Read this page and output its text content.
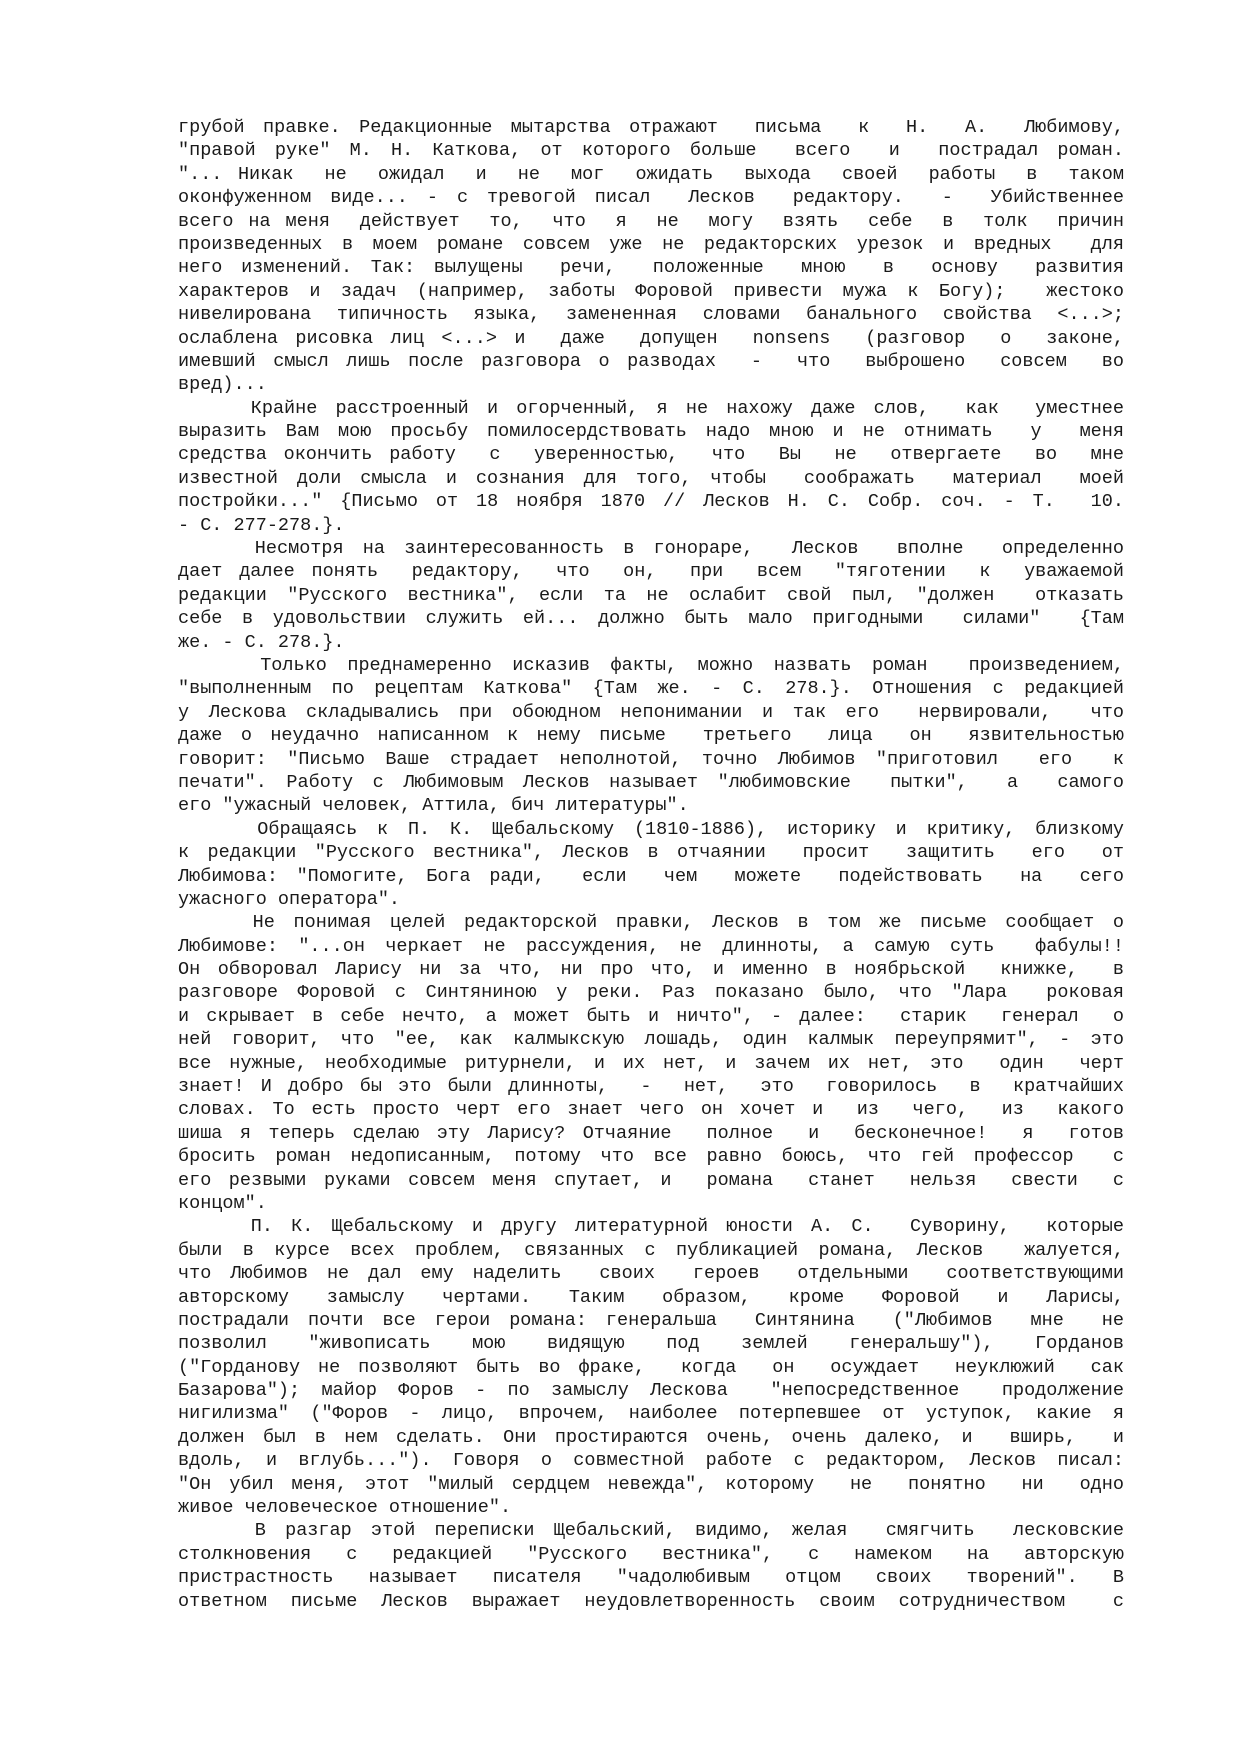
грубой правке. Редакционные мытарства отражают  письма  к  Н.  А.  Любимову,
"правой руке" М. Н. Каткова, от которого больше  всего  и  пострадал роман.
"... Никак  не  ожидал  и  не  мог  ожидать  выхода  своей  работы  в  таком
оконфуженном виде... - с тревогой писал  Лесков  редактору.  -  Убийственнее
всего на меня  действует  то,  что  я  не  могу  взять  себе  в  толк  причин
произведенных в моем романе совсем уже не редакторских урезок и вредных  для
него изменений. Так: вылущены  речи,  положенные  мною  в  основу  развития
характеров и задач (например, заботы Форовой привести мужа к Богу);  жестоко
нивелирована типичность языка, замененная словами банального свойства <...>;
ослаблена рисовка лиц <...> и  даже  допущен  nonsens  (разговор  о  законе,
имевший смысл лишь после разговора о разводах  -  что  выброшено  совсем  во
вред)...
Крайне расстроенный и огорченный, я не нахожу даже слов,  как  уместнее
выразить Вам мою просьбу помилосердствовать надо мною и не отнимать  у  меня
средства окончить работу  с  уверенностью,  что  Вы  не  отвергаете  во  мне
известной доли смысла и сознания для того, чтобы  соображать  материал  моей
постройки..." {Письмо от 18 ноября 1870 // Лесков Н. С. Собр. соч. - Т.  10.
- С. 277-278.}.
Несмотря на заинтересованность в гонораре,  Лесков  вполне  определенно
дает далее понять  редактору,  что  он,  при  всем  "тяготении  к  уважаемой
редакции "Русского вестника", если та не ослабит свой пыл, "должен  отказать
себе в удовольствии служить ей... должно быть мало пригодными  силами"  {Там
же. - С. 278.}.
Только преднамеренно исказив факты, можно назвать роман  произведением,
"выполненным по рецептам Каткова" {Там же. - С. 278.}. Отношения с редакцией
у Лескова складывались при обоюдном непонимании и так его  нервировали,  что
даже о неудачно написанном к нему письме  третьего  лица  он  язвительностью
говорит: "Письмо Ваше страдает неполнотой, точно Любимов "приготовил  его  к
печати". Работу с Любимовым Лесков называет "любимовские  пытки",  а  самого
его "ужасный человек, Аттила, бич литературы".
Обращаясь к П. К. Щебальскому (1810-1886), историку и критику, близкому
к редакции "Русского вестника", Лесков в отчаянии  просит  защитить  его  от
Любимова: "Помогите, Бога ради,  если  чем  можете  подействовать  на  сего
ужасного оператора".
Не понимая целей редакторской правки, Лесков в том же письме сообщает о
Любимове: "...он черкает не рассуждения, не длинноты, а самую суть  фабулы!!
Он обворовал Ларису ни за что, ни про что, и именно в ноябрьской  книжке,  в
разговоре Форовой с Синтяниною у реки. Раз показано было, что "Лара  роковая
и скрывает в себе нечто, а может быть и ничто", - далее:  старик  генерал  о
ней говорит, что "ее, как калмыкскую лошадь, один калмык переупрямит", - это
все нужные, необходимые ритурнели, и их нет, и зачем их нет, это  один  черт
знает! И добро бы это были длинноты,  -  нет,  это  говорилось  в  кратчайших
словах. То есть просто черт его знает чего он хочет и  из  чего,  из  какого
шиша я теперь сделаю эту Ларису? Отчаяние  полное  и  бесконечное!  я  готов
бросить роман недописанным, потому что все равно боюсь, что гей профессор  с
его резвыми руками совсем меня спутает, и  романа  станет  нельзя  свести  с
концом".
П. К. Щебальскому и другу литературной юности А. С.  Суворину,  которые
были в курсе всех проблем, связанных с публикацией романа, Лесков  жалуется,
что Любимов не дал ему наделить  своих  героев  отдельными  соответствующими
авторскому  замыслу  чертами.  Таким  образом,  кроме  Форовой  и  Ларисы,
пострадали почти все герои романа: генеральша  Синтянина  ("Любимов  мне  не
позволил  "живописать  мою  видящую  под  землей  генеральшу"),  Горданов
("Горданову не позволяют быть во фраке,  когда  он  осуждает  неуклюжий  сак
Базарова"); майор Форов - по замыслу Лескова  "непосредственное  продолжение
нигилизма" ("Форов - лицо, впрочем, наиболее потерпевшее от уступок, какие я
должен был в нем сделать. Они простираются очень, очень далеко, и  вширь,  и
вдоль, и вглубь..."). Говоря о совместной работе с редактором, Лесков писал:
"Он убил меня, этот "милый сердцем невежда", которому  не  понятно  ни  одно
живое человеческое отношение".
В разгар этой переписки Щебальский, видимо, желая  смягчить  лесковские
столкновения  с  редакцией  "Русского  вестника",  с  намеком  на  авторскую
пристрастность  называет  писателя  "чадолюбивым  отцом  своих  творений".  В
ответном письме Лесков выражает неудовлетворенность своим сотрудничеством  с
